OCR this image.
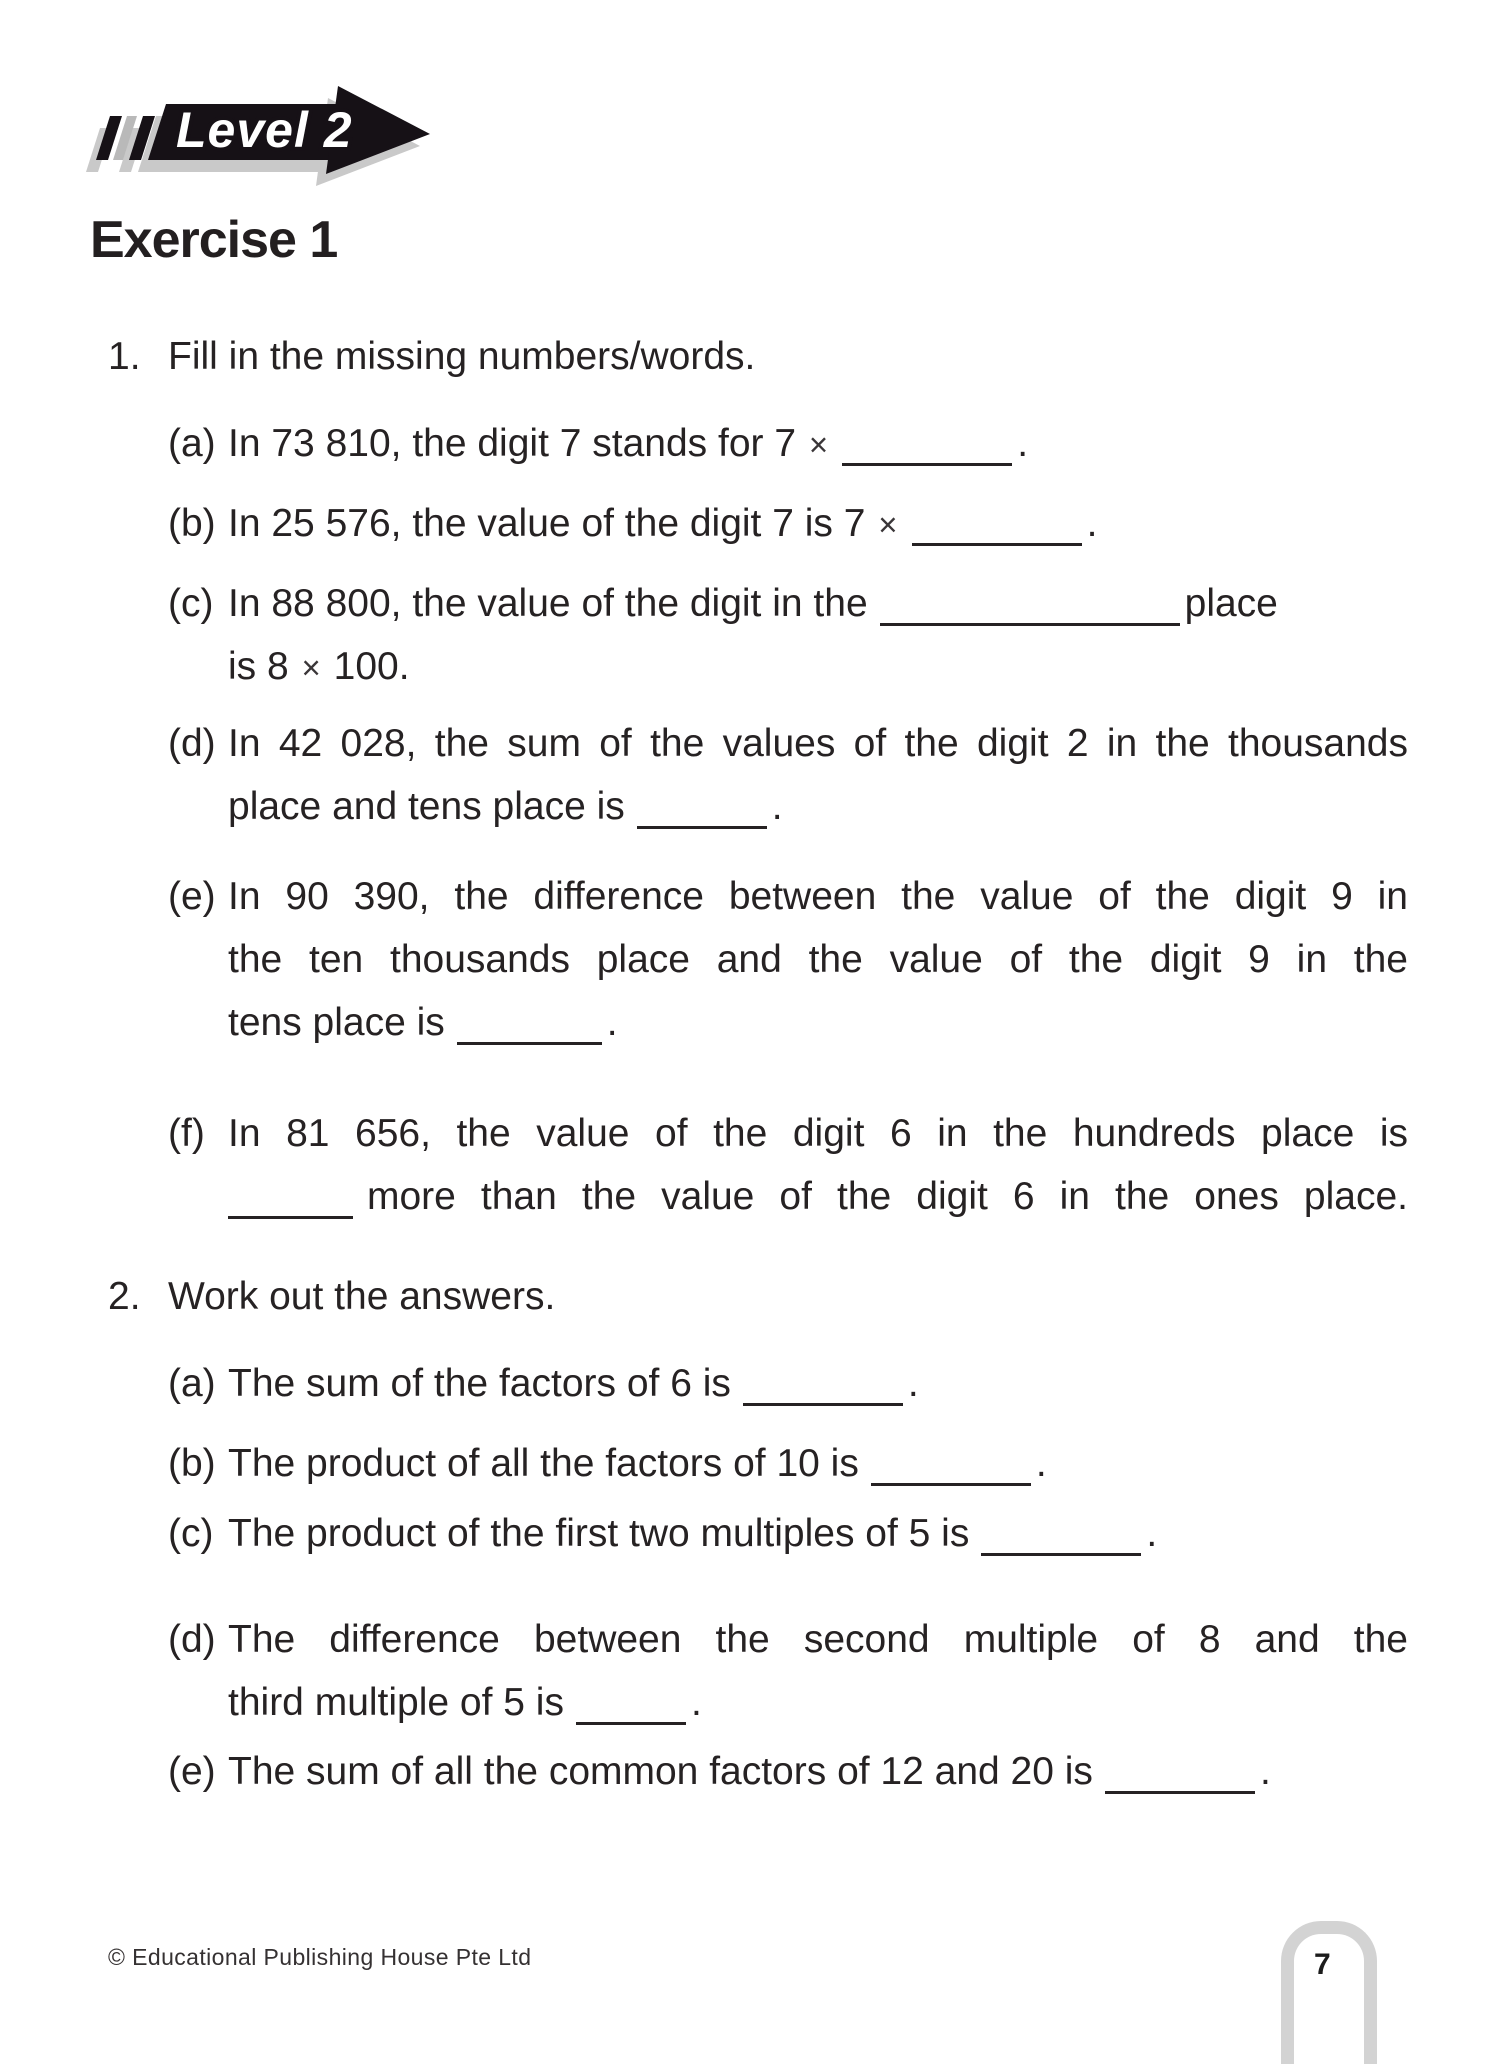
Level 2
Exercise 1
1. Fill in the missing numbers/words.
(a) In 73 810, the digit 7 stands for 7 ×	.
(b) In 25 576, the value of the digit 7 is 7 ×	.
(c) In 88 800, the value of the digit in the	place
is 8 × 100.
(d) In 42 028, the sum of the values of the digit 2 in the thousands
place and tens place is	.
(e) In 90 390, the difference between the value of the digit 9 in
the ten thousands place and the value of the digit 9 in the
tens place is	.
(f) In 81 656, the value of the digit 6 in the hundreds place is
more than the value of the digit 6 in the ones place.
2. Work out the answers.
(a) The sum of the factors of 6 is	.
(b) The product of all the factors of 10 is	.
(c) The product of the first two multiples of 5 is	.
(d) The difference between the second multiple of 8 and the
third multiple of 5 is	.
(e) The sum of all the common factors of 12 and 20 is	.
© Educational Publishing House Pte Ltd	7
